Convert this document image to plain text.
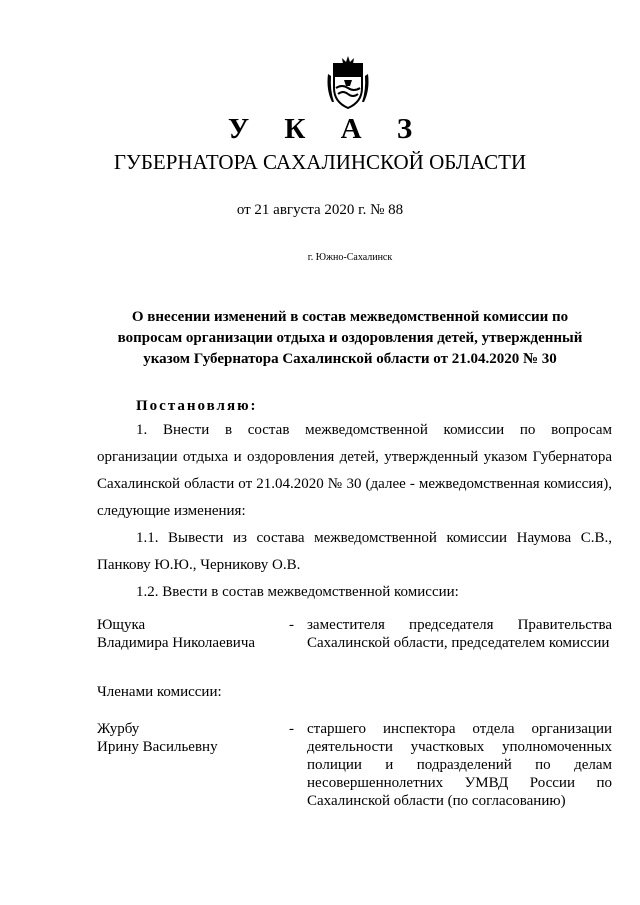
У К А З
ГУБЕРНАТОРА САХАЛИНСКОЙ ОБЛАСТИ
от 21 августа 2020 г. № 88
г. Южно-Сахалинск
О внесении изменений в состав межведомственной комиссии по
вопросам организации отдыха и оздоровления детей, утвержденный
указом Губернатора Сахалинской области от 21.04.2020 № 30
Постановляю:
1. Внести в состав межведомственной комиссии по вопросам организации отдыха и оздоровления детей, утвержденный указом Губернатора Сахалинской области от 21.04.2020 № 30 (далее - межведомственная комиссия), следующие изменения:
1.1. Вывести из состава межведомственной комиссии Наумова С.В., Панкову Ю.Ю., Черникову О.В.
1.2. Ввести в состав межведомственной комиссии:
Ющука
Владимира Николаевича
- заместителя председателя Правительства Сахалинской области, председателем комиссии
Членами комиссии:
Журбу
Ирину Васильевну
- старшего инспектора отдела организации деятельности участковых уполномоченных полиции и подразделений по делам несовершеннолетних УМВД России по Сахалинской области (по согласованию)
